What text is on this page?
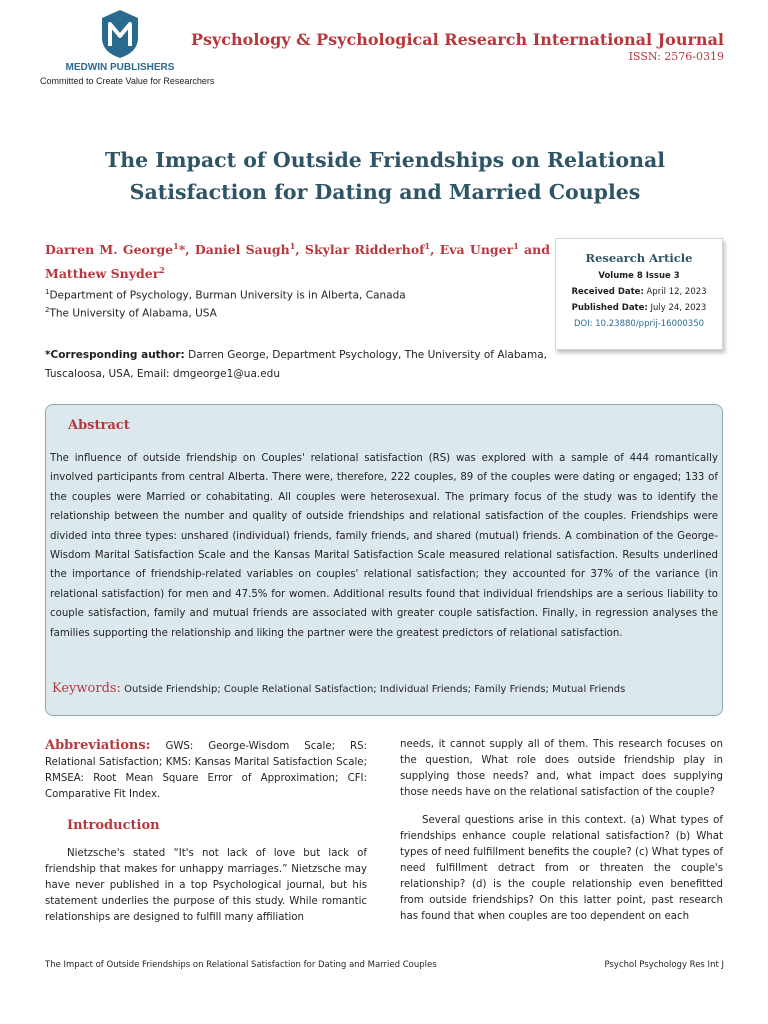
MEDWIN PUBLISHERS
Committed to Create Value for Researchers
Psychology & Psychological Research International Journal
ISSN: 2576-0319
The Impact of Outside Friendships on Relational Satisfaction for Dating and Married Couples
Darren M. George$^1$*, Daniel Saugh$^1$, Skylar Ridderhof$^1$, Eva Unger$^1$ and Matthew Snyder$^2$
$^1$Department of Psychology, Burman University is in Alberta, Canada
$^2$The University of Alabama, USA
*Corresponding author: Darren George, Department Psychology, The University of Alabama, Tuscaloosa, USA, Email: dmgeorge1@ua.edu
Research Article
Volume 8 Issue 3
Received Date: April 12, 2023
Published Date: July 24, 2023
DOI: 10.23880/pprij-16000350
Abstract
The influence of outside friendship on Couples' relational satisfaction (RS) was explored with a sample of 444 romantically involved participants from central Alberta. There were, therefore, 222 couples, 89 of the couples were dating or engaged; 133 of the couples were Married or cohabitating. All couples were heterosexual. The primary focus of the study was to identify the relationship between the number and quality of outside friendships and relational satisfaction of the couples. Friendships were divided into three types: unshared (individual) friends, family friends, and shared (mutual) friends. A combination of the George-Wisdom Marital Satisfaction Scale and the Kansas Marital Satisfaction Scale measured relational satisfaction. Results underlined the importance of friendship-related variables on couples' relational satisfaction; they accounted for 37% of the variance (in relational satisfaction) for men and 47.5% for women. Additional results found that individual friendships are a serious liability to couple satisfaction, family and mutual friends are associated with greater couple satisfaction. Finally, in regression analyses the families supporting the relationship and liking the partner were the greatest predictors of relational satisfaction.
Keywords: Outside Friendship; Couple Relational Satisfaction; Individual Friends; Family Friends; Mutual Friends
Abbreviations: GWS: George-Wisdom Scale; RS: Relational Satisfaction; KMS: Kansas Marital Satisfaction Scale; RMSEA: Root Mean Square Error of Approximation; CFI: Comparative Fit Index.
Introduction
Nietzsche's stated “It's not lack of love but lack of friendship that makes for unhappy marriages.” Nietzsche may have never published in a top Psychological journal, but his statement underlies the purpose of this study. While romantic relationships are designed to fulfill many affiliation
needs, it cannot supply all of them. This research focuses on the question, What role does outside friendship play in supplying those needs? and, what impact does supplying those needs have on the relational satisfaction of the couple?
Several questions arise in this context. (a) What types of friendships enhance couple relational satisfaction? (b) What types of need fulfillment benefits the couple? (c) What types of need fulfillment detract from or threaten the couple's relationship? (d) is the couple relationship even benefitted from outside friendships? On this latter point, past research has found that when couples are too dependent on each
The Impact of Outside Friendships on Relational Satisfaction for Dating and Married Couples	Psychol Psychology Res Int J
